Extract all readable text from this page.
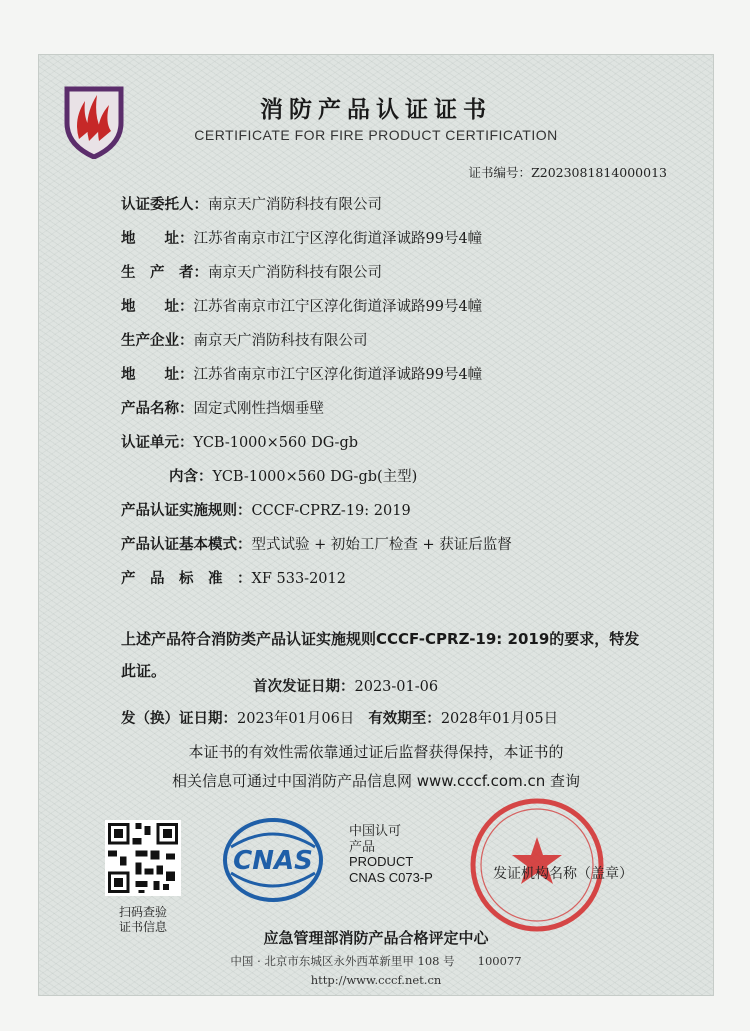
消防产品认证证书
CERTIFICATE FOR FIRE PRODUCT CERTIFICATION
证书编号：Z2023081814000013
认证委托人：南京天广消防科技有限公司
地　　址：江苏省南京市江宁区淳化街道泽诚路99号4幢
生　产　者：南京天广消防科技有限公司
地　　址：江苏省南京市江宁区淳化街道泽诚路99号4幢
生产企业：南京天广消防科技有限公司
地　　址：江苏省南京市江宁区淳化街道泽诚路99号4幢
产品名称：固定式刚性挡烟垂壁
认证单元：YCB-1000×560 DG-gb
内含：YCB-1000×560 DG-gb(主型)
产品认证实施规则：CCCF-CPRZ-19: 2019
产品认证基本模式：型式试验 + 初始工厂检查 + 获证后监督
产　品　标　准　：XF 533-2012
上述产品符合消防类产品认证实施规则CCCF-CPRZ-19: 2019的要求，特发
此证。
首次发证日期：2023-01-06
发（换）证日期：2023年01月06日 有效期至：2028年01月05日
本证书的有效性需依靠通过证后监督获得保持，本证书的
相关信息可通过中国消防产品信息网 www.cccf.com.cn 查询
扫码查验
证书信息
CNAS
中国认可
产品
PRODUCT
CNAS C073-P	发证机构名称（盖章）
应急管理部消防产品合格评定中心
中国 · 北京市东城区永外西革新里甲 108 号　　100077
http://www.cccf.net.cn
